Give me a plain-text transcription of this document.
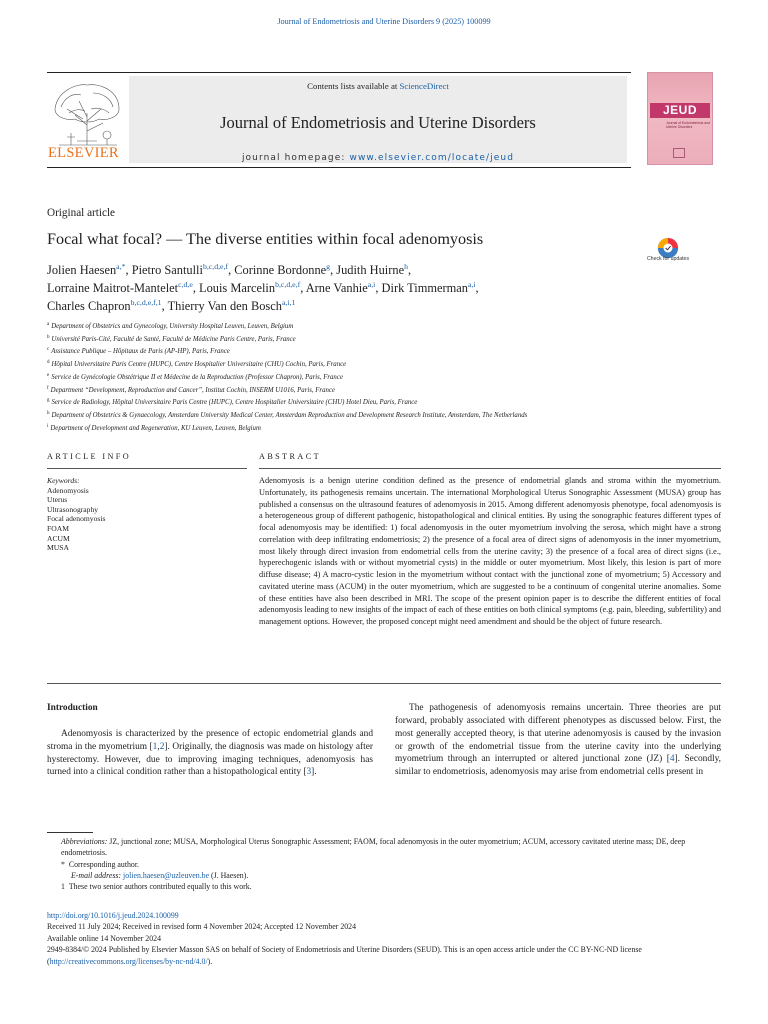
Journal of Endometriosis and Uterine Disorders 9 (2025) 100099
ELSEVIER
Contents lists available at ScienceDirect
Journal of Endometriosis and Uterine Disorders
journal homepage: www.elsevier.com/locate/jeud
JEUD
Journal of Endometriosis and Uterine Disorders
Original article
Focal what focal? — The diverse entities within focal adenomyosis
Check for updates
Jolien Haesen$^{a,*}$, Pietro Santulli$^{b,c,d,e,f}$, Corinne Bordonne$^g$, Judith Huirne$^h$,
Lorraine Maitrot-Mantelet$^{c,d,e}$, Louis Marcelin$^{b,c,d,e,f}$, Arne Vanhie$^{a,i}$, Dirk Timmerman$^{a,i}$,
Charles Chapron$^{b,c,d,e,f,1}$, Thierry Van den Bosch$^{a,i,1}$
$^a$ Department of Obstetrics and Gynecology, University Hospital Leuven, Leuven, Belgium
$^b$ Université Paris-Cité, Faculté de Santé, Faculté de Médicine Paris Centre, Paris, France
$^c$ Assistance Publique – Hôpitaux de Paris (AP-HP), Paris, France
$^d$ Hôpital Universitaire Paris Centre (HUPC), Centre Hospitalier Universitaire (CHU) Cochin, Paris, France
$^e$ Service de Gynécologie Obstétrique II et Médecine de la Reproduction (Professor Chapron), Paris, France
$^f$ Department “Development, Reproduction and Cancer”, Institut Cochin, INSERM U1016, Paris, France
$^g$ Service de Radiology, Hôpital Universitaire Paris Centre (HUPC), Centre Hospitalier Universitaire (CHU) Hotel Dieu, Paris, France
$^h$ Department of Obstetrics & Gynaecology, Amsterdam University Medical Center, Amsterdam Reproduction and Development Research Institute, Amsterdam, The Netherlands
$^i$ Department of Development and Regeneration, KU Leuven, Leuven, Belgium
ARTICLE INFO	ABSTRACT
Keywords:
Adenomyosis
Uterus
Ultrasonography
Focal adenomyosis
FOAM
ACUM
MUSA
Adenomyosis is a benign uterine condition defined as the presence of endometrial glands and stroma within the myometrium. Unfortunately, its pathogenesis remains uncertain. The international Morphological Uterus Sonographic Assessment (MUSA) group has published a consensus on the ultrasound features of adenomyosis in 2015. Among different adenomyosis phenotype, focal adenomyosis is a heterogeneous group of different pathogenic, histopathological and clinical entities. By using the sonographic features different types of focal adenomyosis may be identified: 1) focal adenomyosis in the outer myometrium involving the serosa, which might have a strong correlation with deep infiltrating endometriosis; 2) the presence of a focal area of direct signs of adenomyosis in the inner myometrium, most likely through direct invasion from endometrial cells from the uterine cavity; 3) the presence of a focal area of direct signs (i.e., hyperechogenic islands with or without myometrial cysts) in the middle or outer myometrium. Most likely, this lesion is part of more diffuse disease; 4) A macro-cystic lesion in the myometrium without contact with the junctional zone of myometrium; 5) Accessory and cavitated uterine mass (ACUM) in the outer myometrium, which are suggested to be a continuum of congenital uterine anomalies. Some of these entities have also been described in MRI. The scope of the present opinion paper is to describe the different entities of focal adenomyosis leading to new insights of the impact of each of these entities on both clinical symptoms (e.g. pain, bleeding, subfertility) and management options. However, the proposed concept might need amendment and should be the object of future research.
Introduction

Adenomyosis is characterized by the presence of ectopic endometrial glands and stroma in the myometrium [1,2]. Originally, the diagnosis was made on histology after hysterectomy. However, due to improving imaging techniques, adenomyosis has turned into a clinical condition rather than a histopathological entity [3].

The pathogenesis of adenomyosis remains uncertain. Three theories are put forward, probably associated with different phenotypes as discussed below. First, the most generally accepted theory, is that uterine adenomyosis is caused by the invasion or growth of the endometrial tissue from the uterine cavity into the underlying myometrium through an interrupted or altered junctional zone (JZ) [4]. Secondly, similar to endometriosis, adenomyosis may arise from endometrial cells present in

Abbreviations: JZ, junctional zone; MUSA, Morphological Uterus Sonographic Assessment; FAOM, focal adenomyosis in the outer myometrium; ACUM, accessory cavitated uterine mass; DE, deep endometriosis.
* Corresponding author.
E-mail address: jolien.haesen@uzleuven.be (J. Haesen).
1 These two senior authors contributed equally to this work.
http://doi.org/10.1016/j.jeud.2024.100099
Received 11 July 2024; Received in revised form 4 November 2024; Accepted 12 November 2024
Available online 14 November 2024
2949-8384/© 2024 Published by Elsevier Masson SAS on behalf of Society of Endometriosis and Uterine Disorders (SEUD). This is an open access article under the CC BY-NC-ND license (http://creativecommons.org/licenses/by-nc-nd/4.0/).
